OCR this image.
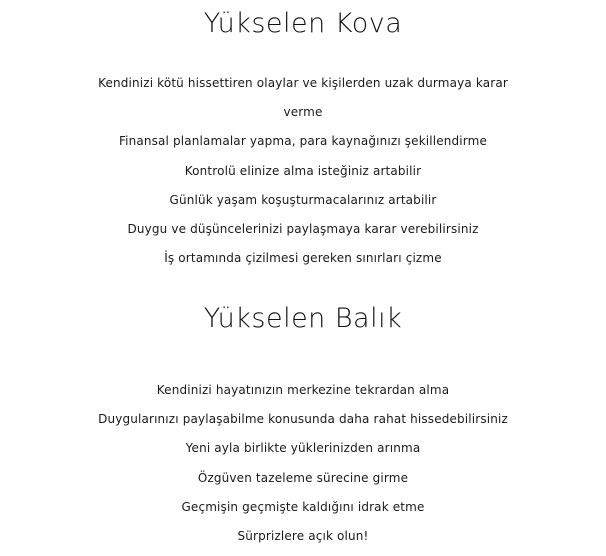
Yükselen Kova

Kendinizi kötü hissettiren olaylar ve kişilerden uzak durmaya karar

verme

Finansal planlamalar yapma, para kaynağınızı şekillendirme

Kontrolü elinize alma isteğiniz artabilir

Günlük yaşam koşuşturmacalarınız artabilir

Duygu ve düşüncelerinizi paylaşmaya karar verebilirsiniz

İş ortamında çizilmesi gereken sınırları çizme

Yükselen Balık

Kendinizi hayatınızın merkezine tekrardan alma

Duygularınızı paylaşabilme konusunda daha rahat hissedebilirsiniz

Yeni ayla birlikte yüklerinizden arınma

Özgüven tazeleme sürecine girme

Geçmişin geçmişte kaldığını idrak etme

Sürprizlere açık olun!
